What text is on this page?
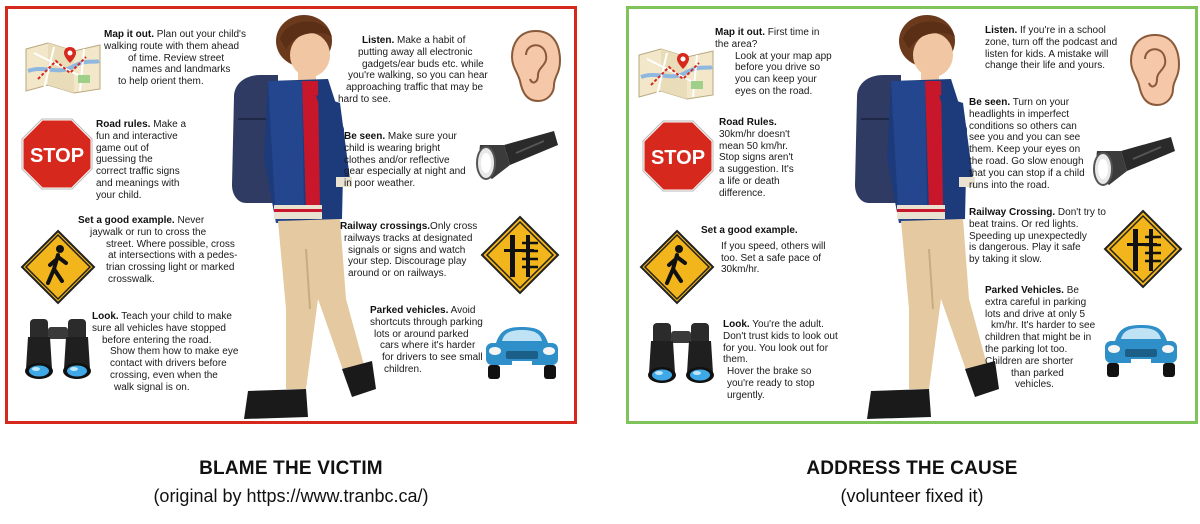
Map it out. Plan out your child's
walking route with them ahead
of time. Review street
names and landmarks
to help orient them.
STOP
Road rules. Make a
fun and interactive
game out of
guessing the
correct traffic signs
and meanings with
your child.
Set a good example. Never
jaywalk or run to cross the
street. Where possible, cross
at intersections with a pedes-
trian crossing light or marked
crosswalk.
Look. Teach your child to make
sure all vehicles have stopped
before entering the road.
Show them how to make eye
contact with drivers before
crossing, even when the
walk signal is on.
Listen. Make a habit of
putting away all electronic
gadgets/ear buds etc. while
you're walking, so you can hear
approaching traffic that may be
hard to see.
Be seen. Make sure your
child is wearing bright
clothes and/or reflective
gear especially at night and
in poor weather.
Railway crossings.Only cross
railways tracks at designated
signals or signs and watch
your step. Discourage play
around or on railways.
Parked vehicles. Avoid
shortcuts through parking
lots or around parked
cars where it's harder
for drivers to see small
children.
Map it out. First time in
the area?
Look at your map app
before you drive so
you can keep your
eyes on the road.
STOP
Road Rules.
30km/hr doesn't
mean 50 km/hr.
Stop signs aren't
a suggestion. It's
a life or death
difference.
Set a good example.
If you speed, others will
too. Set a safe pace of
30km/hr.
Look. You're the adult.
Don't trust kids to look out
for you. You look out for
them.
Hover the brake so
you're ready to stop
urgently.
Listen. If you're in a school
zone, turn off the podcast and
listen for kids. A mistake will
change their life and yours.
Be seen. Turn on your
headlights in imperfect
conditions so others can
see you and you can see
them. Keep your eyes on
the road. Go slow enough
that you can stop if a child
runs into the road.
Railway Crossing. Don't try to
beat trains. Or red lights.
Speeding up unexpectedly
is dangerous. Play it safe
by taking it slow.
Parked Vehicles. Be
extra careful in parking
lots and drive at only 5
km/hr. It's harder to see
children that might be in
the parking lot too.
Children are shorter
than parked
vehicles.
BLAME THE VICTIM
(original by https://www.tranbc.ca/)
ADDRESS THE CAUSE
(volunteer fixed it)
